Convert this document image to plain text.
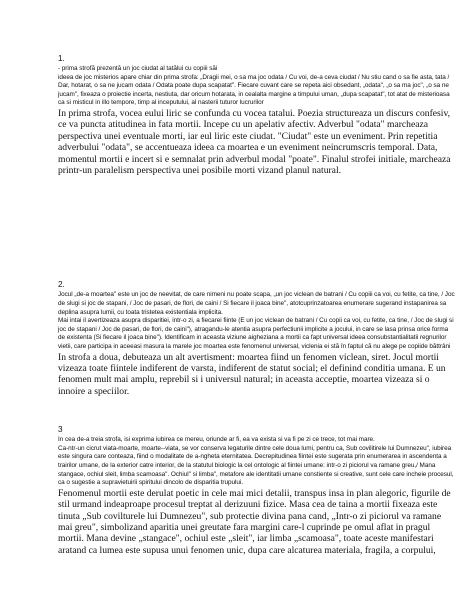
1.

- prima strofă prezentă un joc ciudat al tatălui cu copiii săi
ideea de joc misterios apare chiar din prima strofa: „Dragii mei, o sa ma joc odata / Cu voi, de-a ceva ciudat / Nu stiu cand o sa fie asta, tata / Dar, hotarat, o sa ne jucam odata / Odata poate dupa scapatat". Fiecare cuvant care se repeta aici obsedant, „odata", „o sa ma joc", „o sa ne jucam", fixeaza o proiectie incerta, nestiuta, dar oricum hotarata, in cealalta margine a timpului uman, „dupa scapatat", tot atat de misterioasa ca si misticul in illo tempore, timp al inceputului, al nasterii tuturor lucrurilor

In prima strofa, vocea eului liric se confunda cu vocea tatalui. Poezia structureaza un discurs confesiv, ce va puncta atitudinea in fata mortii. Incepe cu un apelativ afectiv. Adverbul "odata" marcheaza perspectiva unei eventuale morti, iar eul liric este ciudat. "Ciudat" este un eveniment. Prin repetitia adverbului "odata", se accentueaza ideea ca moartea e un eveniment neincrumscris temporal. Data, momentul mortii e incert si e semnalat prin adverbul modal "poate". Finalul strofei initiale, marcheaza printr-un paralelism perspectiva unei posibile morti vizand planul natural.

2.

Jocul „de-a moartea" este un joc de neevitat, de care nimeni nu poate scapa, „un joc viclean de batrani / Cu copiii ca voi, cu fetite, ca tine, / Joc de slugi si joc de stapani, / Joc de pasari, de flori, de caini / Si fiecare il joaca bine", atotcuprinzatoarea enumerare sugerand instapanirea sa deplina asupra lumii, cu toata tristetea existentiala implicita.
Mai intai il avertizeaza asupra disparitiei, intr-o zi, a fiecarei fiinte (E un joc viclean de batrani / Cu copii ca voi, cu fetite, ca tine, / Joc de slugi si joc de stapani / Joc de pasari, de flori, de caini"), atragandu-le atentia asupra perfectiunii implicite a jocului, in care se lasa prinsa orice forma de existenta (Si fiecare il joaca bine"). Identificam in aceasta viziune aighezianа a mortii ca fapt universal ideea consubstantialitatii regnurilor vietii, care participa in aceeasi masura la marele joc moartea este fenomenul universal, viclenia ei stă în faptul că nu alege pe copiide băttrâni

In strofa a doua, debuteaza un alt avertisment: moartea fiind un fenomen viclean, siret. Jocul mortii vizeaza toate fiintele indiferent de varsta, indiferent de statut social; el definind conditia umana. E un fenomen mult mai amplu, reprebil si i universul natural; in aceasta acceptie, moartea vizeaza si o innoire a speciilor.

3

In cea de-a treia strofa, isi exprima iubirea ce mereu, oriunde ar fi, ea va exista si va fi pe zi ce trece, tot mai mare.
Ca-ntr-un cicrut viata-moarte, moarte--viata, se vor conserva legaturile dintre cele doua lumi, pentru ca, Sub covilitirele lui Dumnezeu", iubirea este singura care conteaza, fiind o modalitate de a-ngheta eternitatea. Decrepitudinea fiintei este sugerata prin enumerarea in ascendenta a trairilor umane, de la exterior catre interior, de la statutul biologic la cel ontologic al fiintei umane: intr-o zi piciorul va ramane greu,/ Mana stangace, ochiul sleit, limba scamoasa". Ochiul" si limba", metafore ale identitatii umane constiente si creative, sunt cele care incheie procesul, ca o sugestie a supravietuirii spiritului dincolo de disparitia trupului.

Fenomenul mortii este derulat poetic in cele mai mici detalii, transpus insa in plan alegoric, figurile de stil urmand indeaproape procesul treptat al derizuuni fizice. Masa cea de taina a mortii fixeaza este tinuta „Sub covilturele lui Dumnezeu", sub protectie divina pana cand, „Intr-o zi piciorul va ramane mai greu", simbolizand aparitia unei greutate fara margini care-l cuprinde pe omul aflat in pragul mortii. Mana devine „stangace", ochiul este „sleit", iar limba „scamoasa", toate aceste manifestari aratand ca lumea este supusa unui fenomen unic, dupa care alcaturea materiala, fragila, a corpului,
